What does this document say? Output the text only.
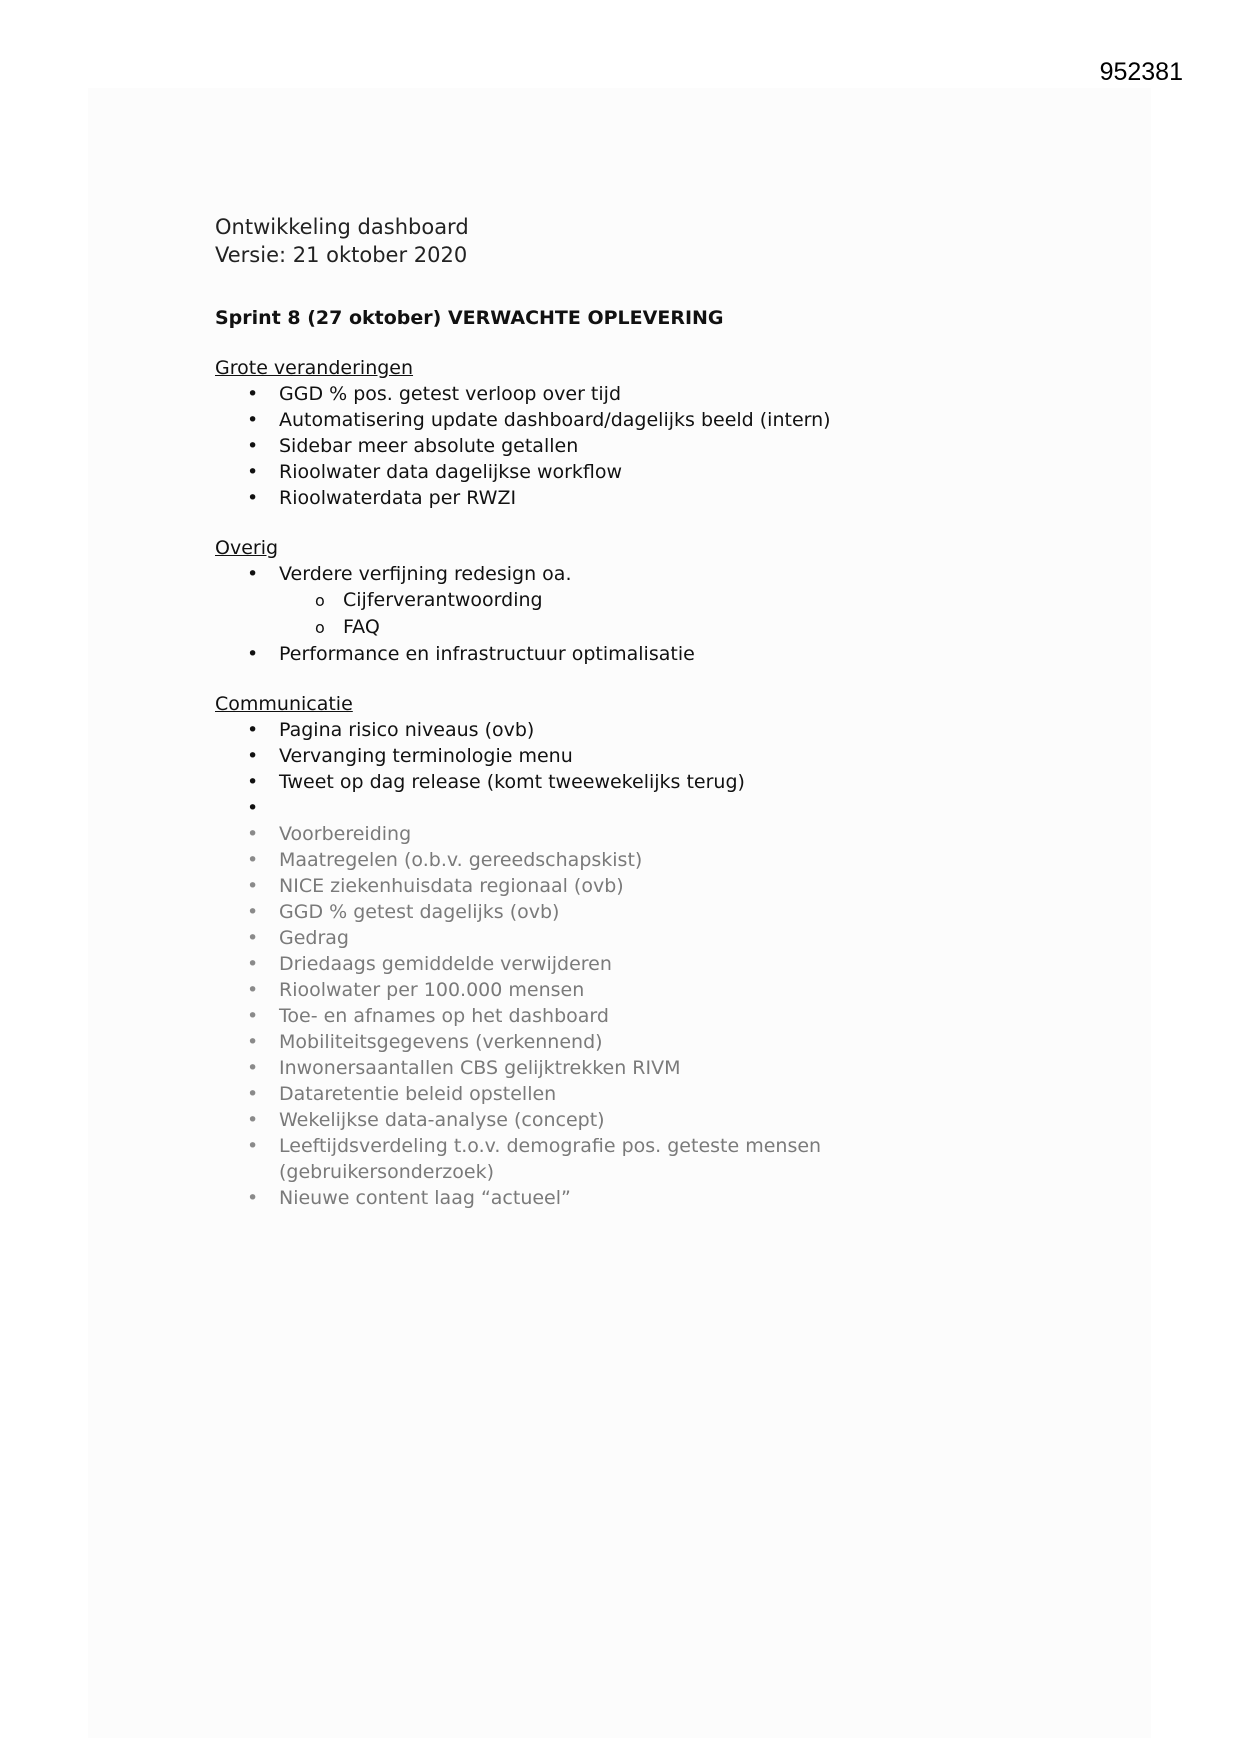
952381
Ontwikkeling dashboard
Versie: 21 oktober 2020
Sprint 8 (27 oktober) VERWACHTE OPLEVERING
Grote veranderingen
• GGD % pos. getest verloop over tijd
• Automatisering update dashboard/dagelijks beeld (intern)
• Sidebar meer absolute getallen
• Rioolwater data dagelijkse workflow
• Rioolwaterdata per RWZI
Overig
• Verdere verfijning redesign oa.
o Cijferverantwoording
o FAQ
• Performance en infrastructuur optimalisatie
Communicatie
• Pagina risico niveaus (ovb)
• Vervanging terminologie menu
• Tweet op dag release (komt tweewekelijks terug)
•
• Voorbereiding
• Maatregelen (o.b.v. gereedschapskist)
• NICE ziekenhuisdata regionaal (ovb)
• GGD % getest dagelijks (ovb)
• Gedrag
• Driedaags gemiddelde verwijderen
• Rioolwater per 100.000 mensen
• Toe- en afnames op het dashboard
• Mobiliteitsgegevens (verkennend)
• Inwonersaantallen CBS gelijktrekken RIVM
• Dataretentie beleid opstellen
• Wekelijkse data-analyse (concept)
• Leeftijdsverdeling t.o.v. demografie pos. geteste mensen (gebruikersonderzoek)
• Nieuwe content laag “actueel”
